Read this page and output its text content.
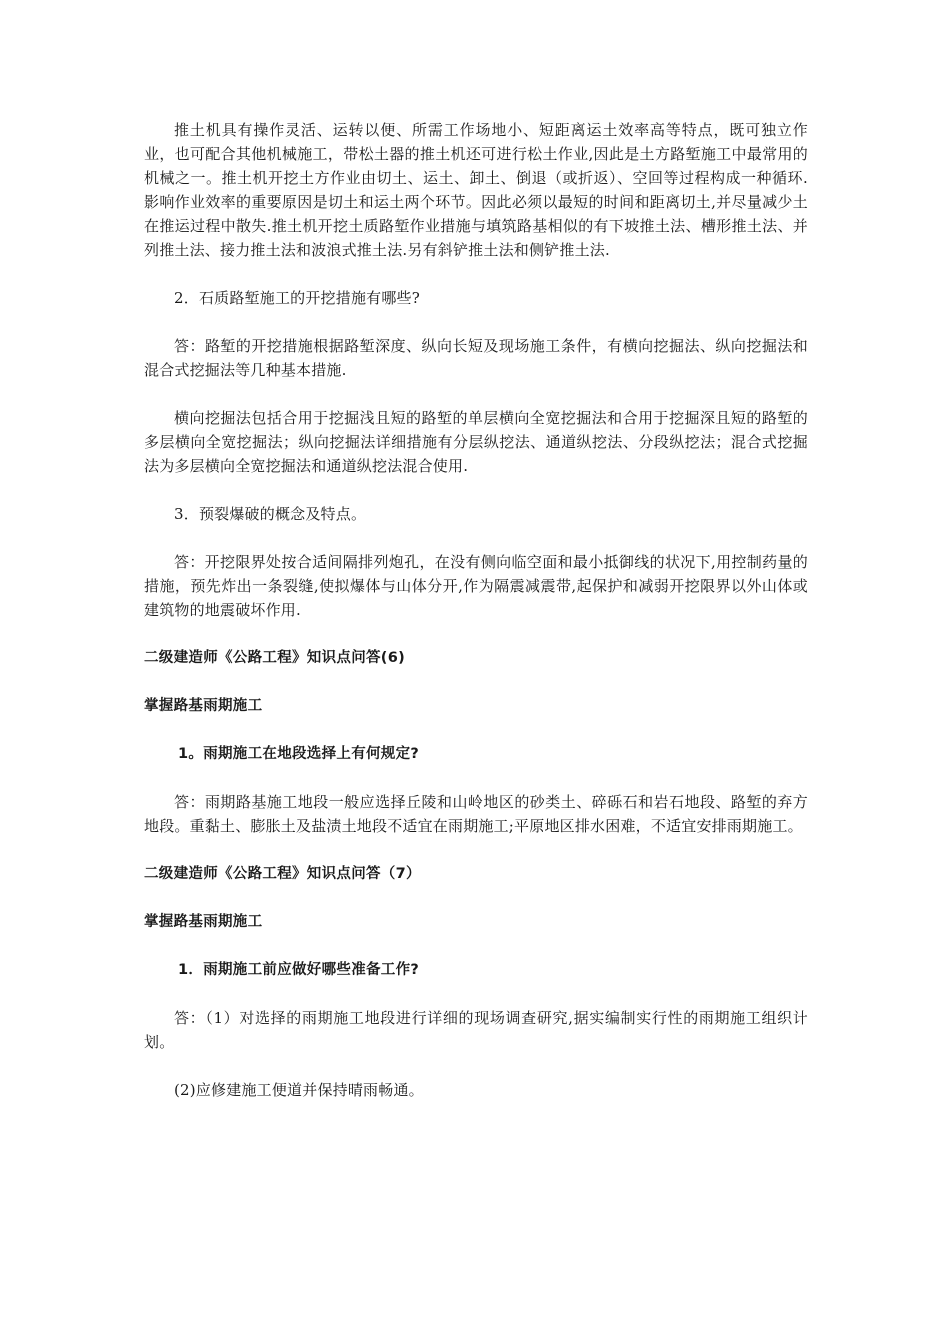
推土机具有操作灵活、运转以便、所需工作场地小、短距离运土效率高等特点，既可独立作业，也可配合其他机械施工，带松土器的推土机还可进行松土作业,因此是土方路堑施工中最常用的机械之一。推土机开挖土方作业由切土、运土、卸土、倒退（或折返）、空回等过程构成一种循环.影响作业效率的重要原因是切土和运土两个环节。因此必须以最短的时间和距离切土,并尽量减少土在推运过程中散失.推土机开挖土质路堑作业措施与填筑路基相似的有下坡推土法、槽形推土法、并列推土法、接力推土法和波浪式推土法.另有斜铲推土法和侧铲推土法.

2．石质路堑施工的开挖措施有哪些?

答：路堑的开挖措施根据路堑深度、纵向长短及现场施工条件，有横向挖掘法、纵向挖掘法和混合式挖掘法等几种基本措施.

横向挖掘法包括合用于挖掘浅且短的路堑的单层横向全宽挖掘法和合用于挖掘深且短的路堑的多层横向全宽挖掘法；纵向挖掘法详细措施有分层纵挖法、通道纵挖法、分段纵挖法；混合式挖掘法为多层横向全宽挖掘法和通道纵挖法混合使用.

3．预裂爆破的概念及特点。

答：开挖限界处按合适间隔排列炮孔，在没有侧向临空面和最小抵御线的状况下,用控制药量的措施，预先炸出一条裂缝,使拟爆体与山体分开,作为隔震减震带,起保护和减弱开挖限界以外山体或建筑物的地震破坏作用.

二级建造师《公路工程》知识点问答(6)

掌握路基雨期施工

1。雨期施工在地段选择上有何规定?

答：雨期路基施工地段一般应选择丘陵和山岭地区的砂类土、碎砾石和岩石地段、路堑的弃方地段。重黏土、膨胀土及盐渍土地段不适宜在雨期施工;平原地区排水困难，不适宜安排雨期施工。

二级建造师《公路工程》知识点问答（7）

掌握路基雨期施工

1．雨期施工前应做好哪些准备工作?

答：（1）对选择的雨期施工地段进行详细的现场调查研究,据实编制实行性的雨期施工组织计划。

(2)应修建施工便道并保持晴雨畅通。
